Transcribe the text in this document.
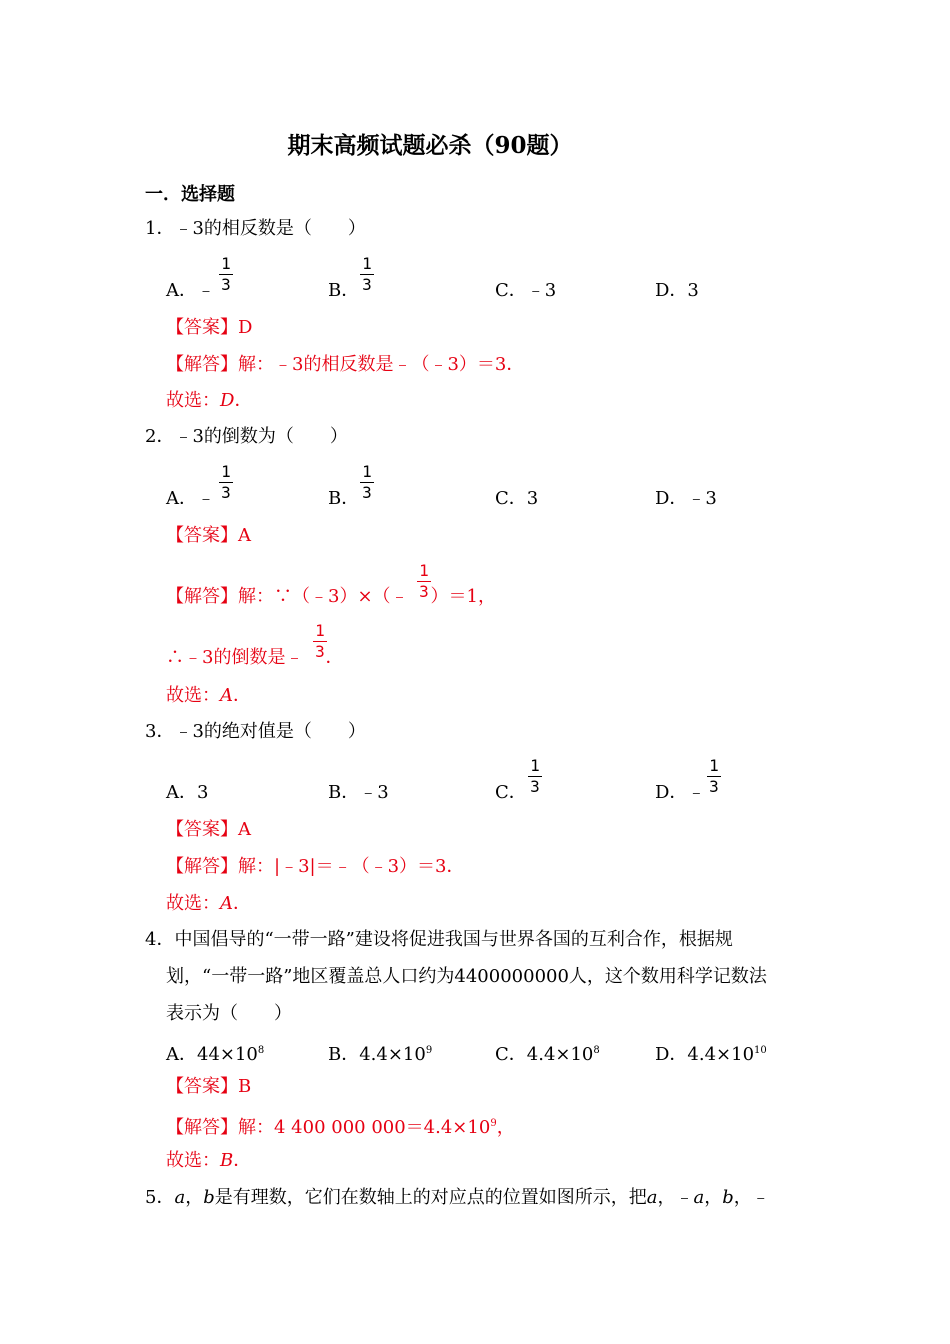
期末高频试题必杀（90题）
一．选择题
1．﹣3的相反数是（　　）
A．﹣
1
3	B．
1
3	C．﹣3	D．3
【答案】D
【解答】解：﹣3的相反数是﹣（﹣3）＝3．
故选：D．
2．﹣3的倒数为（　　）
A．﹣
1
3	B．
1
3	C．3	D．﹣3
【答案】A
【解答】解：∵（﹣3）×（﹣ ）＝1，
1
3
∴﹣3的倒数是﹣ ．
1
3
故选：A．
3．﹣3的绝对值是（　　）
A．3	B．﹣3	C．
1
3	D．﹣
1
3
【答案】A
【解答】解：|﹣3|＝﹣（﹣3）＝3．
故选：A．
4．中国倡导的“一带一路”建设将促进我国与世界各国的互利合作，根据规
划，“一带一路”地区覆盖总人口约为4400000000人，这个数用科学记数法
表示为（　　）
A．$44\times 10^8$	B．$4.4\times 10^9$	C．$4.4\times 10^8$	D．$4.4\times 10^{10}$
【答案】B
【解答】解：4 400 000 $000=4.4\times 10^9$，
故选：B．
5．a，b是有理数，它们在数轴上的对应点的位置如图所示，把a，﹣a，b，﹣
